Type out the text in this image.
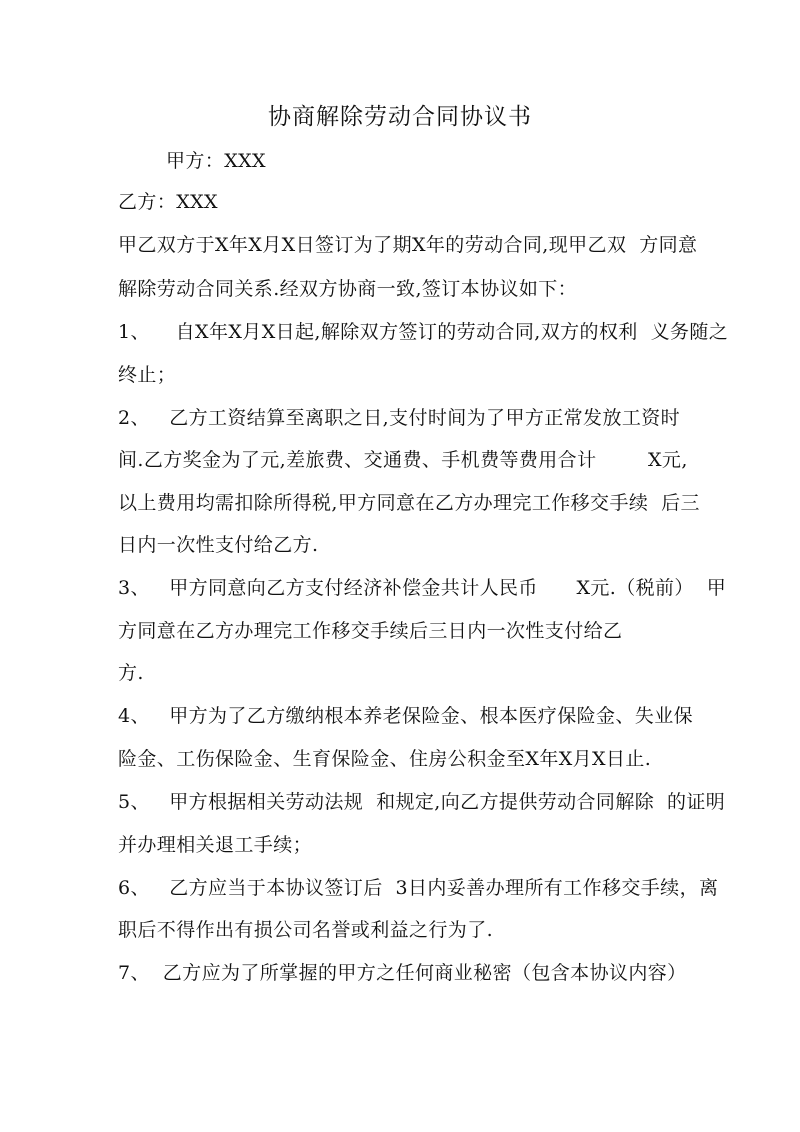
协商解除劳动合同协议书
甲方：XXX
乙方：XXX
甲乙双方于X年X月X日签订为了期X年的劳动合同,现甲乙双  方同意
解除劳动合同关系.经双方协商一致,签订本协议如下：
1、    自X年X月X日起,解除双方签订的劳动合同,双方的权利  义务随之
终止；
2、   乙方工资结算至离职之日,支付时间为了甲方正常发放工资时
间.乙方奖金为了元,差旅费、交通费、手机费等费用合计        X元,
以上费用均需扣除所得税,甲方同意在乙方办理完工作移交手续  后三
日内一次性支付给乙方.
3、   甲方同意向乙方支付经济补偿金共计人民币      X元.（税前）  甲
方同意在乙方办理完工作移交手续后三日内一次性支付给乙
方.
4、   甲方为了乙方缴纳根本养老保险金、根本医疗保险金、失业保
险金、工伤保险金、生育保险金、住房公积金至X年X月X日止.
5、   甲方根据相关劳动法规  和规定,向乙方提供劳动合同解除  的证明
并办理相关退工手续；
6、   乙方应当于本协议签订后  3日内妥善办理所有工作移交手续，离
职后不得作出有损公司名誉或利益之行为了.
7、  乙方应为了所掌握的甲方之任何商业秘密（包含本协议内容）
